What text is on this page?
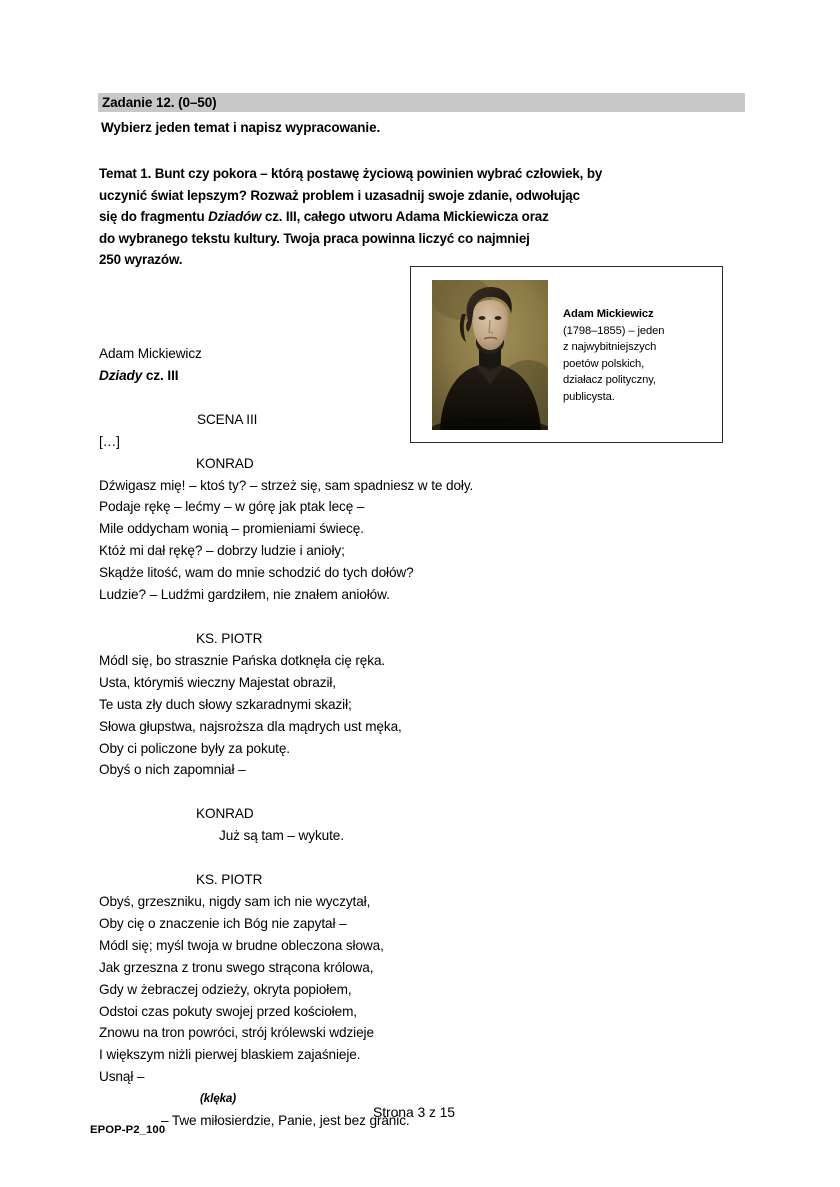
Zadanie 12. (0–50)
Wybierz jeden temat i napisz wypracowanie.
Temat 1. Bunt czy pokora – którą postawę życiową powinien wybrać człowiek, by
uczynić świat lepszym? Rozważ problem i uzasadnij swoje zdanie, odwołując
się do fragmentu Dziadów cz. III, całego utworu Adama Mickiewicza oraz
do wybranego tekstu kultury. Twoja praca powinna liczyć co najmniej
250 wyrazów.
Adam Mickiewicz
(1798–1855) – jeden
z najwybitniejszych
poetów polskich,
działacz polityczny,
publicysta.
Adam Mickiewicz
Dziady cz. III
SCENA III
[…]
KONRAD
Dźwigasz mię! – ktoś ty? – strzeż się, sam spadniesz w te doły.
Podaje rękę – lećmy – w górę jak ptak lecę –
Mile oddycham wonią – promieniami świecę.
Któż mi dał rękę? – dobrzy ludzie i anioły;
Skądże litość, wam do mnie schodzić do tych dołów?
Ludzie? – Ludźmi gardziłem, nie znałem aniołów.
KS. PIOTR
Módl się, bo strasznie Pańska dotknęła cię ręka.
Usta, którymiś wieczny Majestat obraził,
Te usta zły duch słowy szkaradnymi skaził;
Słowa głupstwa, najsroższa dla mądrych ust męka,
Oby ci policzone były za pokutę.
Obyś o nich zapomniał –
KONRAD
Już są tam – wykute.
KS. PIOTR
Obyś, grzeszniku, nigdy sam ich nie wyczytał,
Oby cię o znaczenie ich Bóg nie zapytał –
Módl się; myśl twoja w brudne obleczona słowa,
Jak grzeszna z tronu swego strącona królowa,
Gdy w żebraczej odzieży, okryta popiołem,
Odstoi czas pokuty swojej przed kościołem,
Znowu na tron powróci, strój królewski wdzieje
I większym niżli pierwej blaskiem zajaśnieje.
Usnął –
(klęka)
– Twe miłosierdzie, Panie, jest bez granic.
EPOP-P2_100
Strona 3 z 15
